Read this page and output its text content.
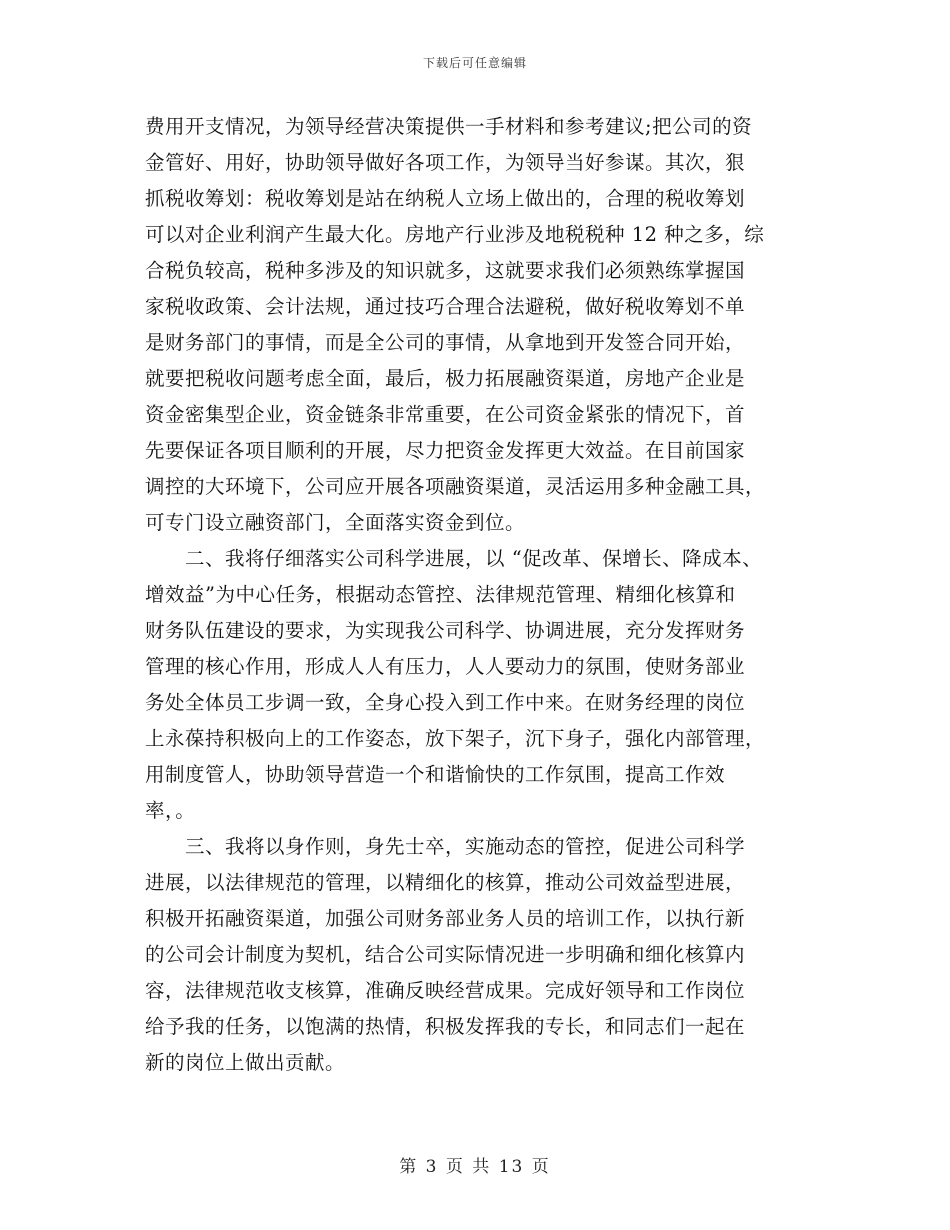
下载后可任意编辑
费用开支情况，为领导经营决策提供一手材料和参考建议;把公司的资
金管好、用好，协助领导做好各项工作，为领导当好参谋。其次，狠
抓税收筹划：税收筹划是站在纳税人立场上做出的，合理的税收筹划
可以对企业利润产生最大化。房地产行业涉及地税税种 12 种之多，综
合税负较高，税种多涉及的知识就多，这就要求我们必须熟练掌握国
家税收政策、会计法规，通过技巧合理合法避税，做好税收筹划不单
是财务部门的事情，而是全公司的事情，从拿地到开发签合同开始，
就要把税收问题考虑全面，最后，极力拓展融资渠道，房地产企业是
资金密集型企业，资金链条非常重要，在公司资金紧张的情况下，首
先要保证各项目顺利的开展，尽力把资金发挥更大效益。在目前国家
调控的大环境下，公司应开展各项融资渠道，灵活运用多种金融工具，
可专门设立融资部门，全面落实资金到位。
　　二、我将仔细落实公司科学进展，以 “促改革、保增长、降成本、
增效益”为中心任务，根据动态管控、法律规范管理、精细化核算和
财务队伍建设的要求，为实现我公司科学、协调进展，充分发挥财务
管理的核心作用，形成人人有压力，人人要动力的氛围，使财务部业
务处全体员工步调一致，全身心投入到工作中来。在财务经理的岗位
上永葆持积极向上的工作姿态，放下架子，沉下身子，强化内部管理，
用制度管人，协助领导营造一个和谐愉快的工作氛围，提高工作效
率，。
　　三、我将以身作则，身先士卒，实施动态的管控，促进公司科学
进展，以法律规范的管理，以精细化的核算，推动公司效益型进展，
积极开拓融资渠道，加强公司财务部业务人员的培训工作，以执行新
的公司会计制度为契机，结合公司实际情况进一步明确和细化核算内
容，法律规范收支核算，准确反映经营成果。完成好领导和工作岗位
给予我的任务，以饱满的热情，积极发挥我的专长，和同志们一起在
新的岗位上做出贡献。
第 3 页 共 13 页
